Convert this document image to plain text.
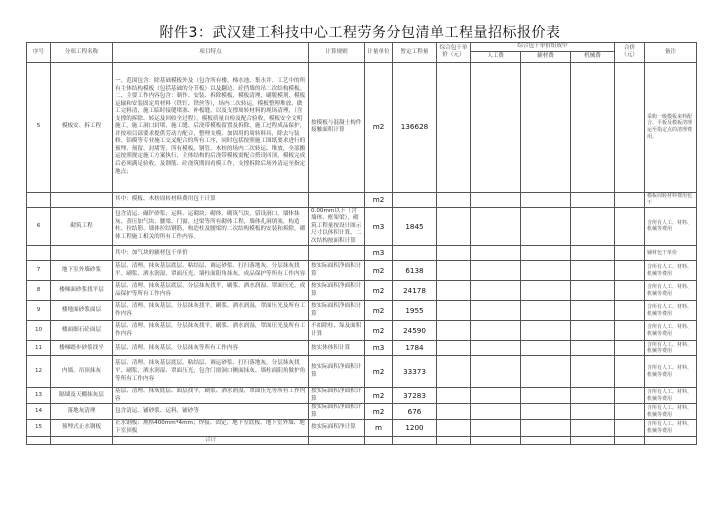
附件3：武汉建工科技中心工程劳务分包清单工程量招标报价表
序号	分项工程名称	项目特点	计算规则	计量单位	暂定工程量	综合包干单价（元）	综合包干单价组成中			合价（元）	备注
							人工费	辅材费	机械费		
5	模板安、拆工程	一、范围包含：除基础模板外及（包含所有楼、梯水池、集水井、工艺中的所有主体结构模板（包括基础的分节板）以及翻边、砼挡墙的吊二次结构模板。二、主要工作内容包含：制作、安装、拆除模板，模板清理、刷脱模剂，模板运输和安装固定用材料（铁钉、铁丝等），场内二次转运，模板整理堆放、做工完料清，施工临时接缝堵塞、补板缝，以及支撑周转材料的现场清理，（含支撑的拆除、转运及回收全过程），模板质量自检及配合验收，模板安全文明施工，施工洞口封堵，施工缝、后浇带模板留置及拆除，施工过程成品保护，并按项目部要求提供劳动力配合，整理支模、加固用的周转料具，除去与装修、铝模等专业施工交叉配合的所有工序，同时包括按照施工图纸要求进行的预埋、预留、封堵等，所有模板、钢管、木枋的场内二次转运、堆放，全部搬运按照规定施工方案执行，主体结构的后浇带模板需配合搭设回顶，模板完成后必须满足验收，及钢筋、砼浇筑期间看模工作，支撑拆除后场外清运至指定地点；	按模板与混凝土构件接触面积计算	m2	136628						采购一级模板来料配合、平板及模板清理运至指定点的清理费用。
		其中：模板、木枋周转材料费用包干计算		m2							模板周转材料费用包干
6	砌筑工程	包含清运、碾铲砂浆；运料、运砌块；砌体、砌筑气块，留设洞口、墙体抹灰、蒸压加气块、腰梁、门窗、过梁等所有砌体工程，墙体孔洞填塞，构造柱、拉结筋、墙体拉结钢筋、构造柱及腰梁的二次结构模板的安装和拆除，砌体工程施工相关的所有工作内容。	0.00mm以下（含墙体、框架梁），砌筑工程量按设计图示尺寸以体积计算，二次结构按面积计算	m3	1845						含所有人工、材料、机械等费用
		其中：加气块的辅材包干单价		m3							辅材包干单价
7	地下室外墙砂浆	基层、清理、抹灰基层底层、粘结层、调运砂浆、打扫落地灰，分层抹灰找平、刷浆、洒水润湿、罩面压光、墙柱面阳角抹灰，成品保护等所有工作内容	按实际面积净面积计算	m2	6138						含所有人工、材料、机械等费用
8	楼梯面砂浆找平层	基层、清理、抹灰基层底层，分层抹灰找平，刷浆、洒水润湿、罩面压光、成品保护等所有工作内容	按实际面积净面积计算	m2	24178						含所有人工、材料、机械等费用
9	楼地面砂浆面层	基层、清理、抹灰基层，分层抹灰找平，刷浆、洒水润湿，罩面压光及所有工作内容	按实际面积净面积计算	m2	1955						含所有人工、材料、机械等费用
10	楼面细石砼面层	基层、清理、抹灰基层，分层抹灰找平，刷浆、洒水润湿，罩面压光及所有工作内容	不扣除柱、垛及面积计算	m2	24590						含所有人工、材料、机械等费用
11	楼梯踏步砂浆找平	基层、清理、抹灰基层，分层抹灰等所有工作内容	按实体体积计算	m3	1784						含所有人工、材料、机械等费用
12	内墙、吊顶抹灰	基层、清理、抹灰基层底层、粘结层、调运砂浆、打扫落地灰，分层抹灰找平、刷浆、洒水润湿、罩面压光，包含门窗洞口侧面抹灰、墙柱面阳角做护角等所有工作内容	按实际面积净面积计算	m2	33373						含所有人工、材料、机械等费用
13	隔墙及天棚抹灰层	基层、清理、抹灰底层、面层找平，刷浆、洒水润湿，罩面压光等所有工作内容	按实际面积净面积计算	m2	37283						含所有人工、材料、机械等费用
14	落地灰清理	包含清运、铺砂浆、运料、铺砂等	按实际面积净面积计算	m2	676						含所有人工、材料、机械等费用
15	预埋式止水钢板	止水钢板：规格400mm*4mm；焊接、固定，地下室底板、地下室外墙、地下室顶板	按实际面积净计算	m	1200						含所有人工、材料、机械等费用
		合计									
